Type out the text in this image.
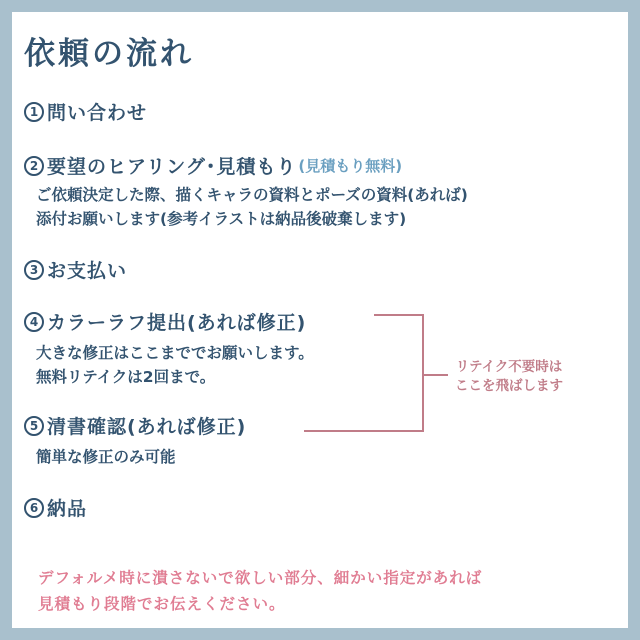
依頼の流れ
1 問い合わせ
2 要望のヒアリング･見積もり (見積もり無料)
ご依頼決定した際、描くキャラの資料とポーズの資料(あれば)
添付お願いします(参考イラストは納品後破棄します)
3 お支払い
4 カラーラフ提出(あれば修正)
大きな修正はここまででお願いします。
無料リテイクは2回まで。
5 清書確認(あれば修正)
簡単な修正のみ可能
6 納品
リテイク不要時は
ここを飛ばします
デフォルメ時に潰さないで欲しい部分、細かい指定があれば
見積もり段階でお伝えください。
